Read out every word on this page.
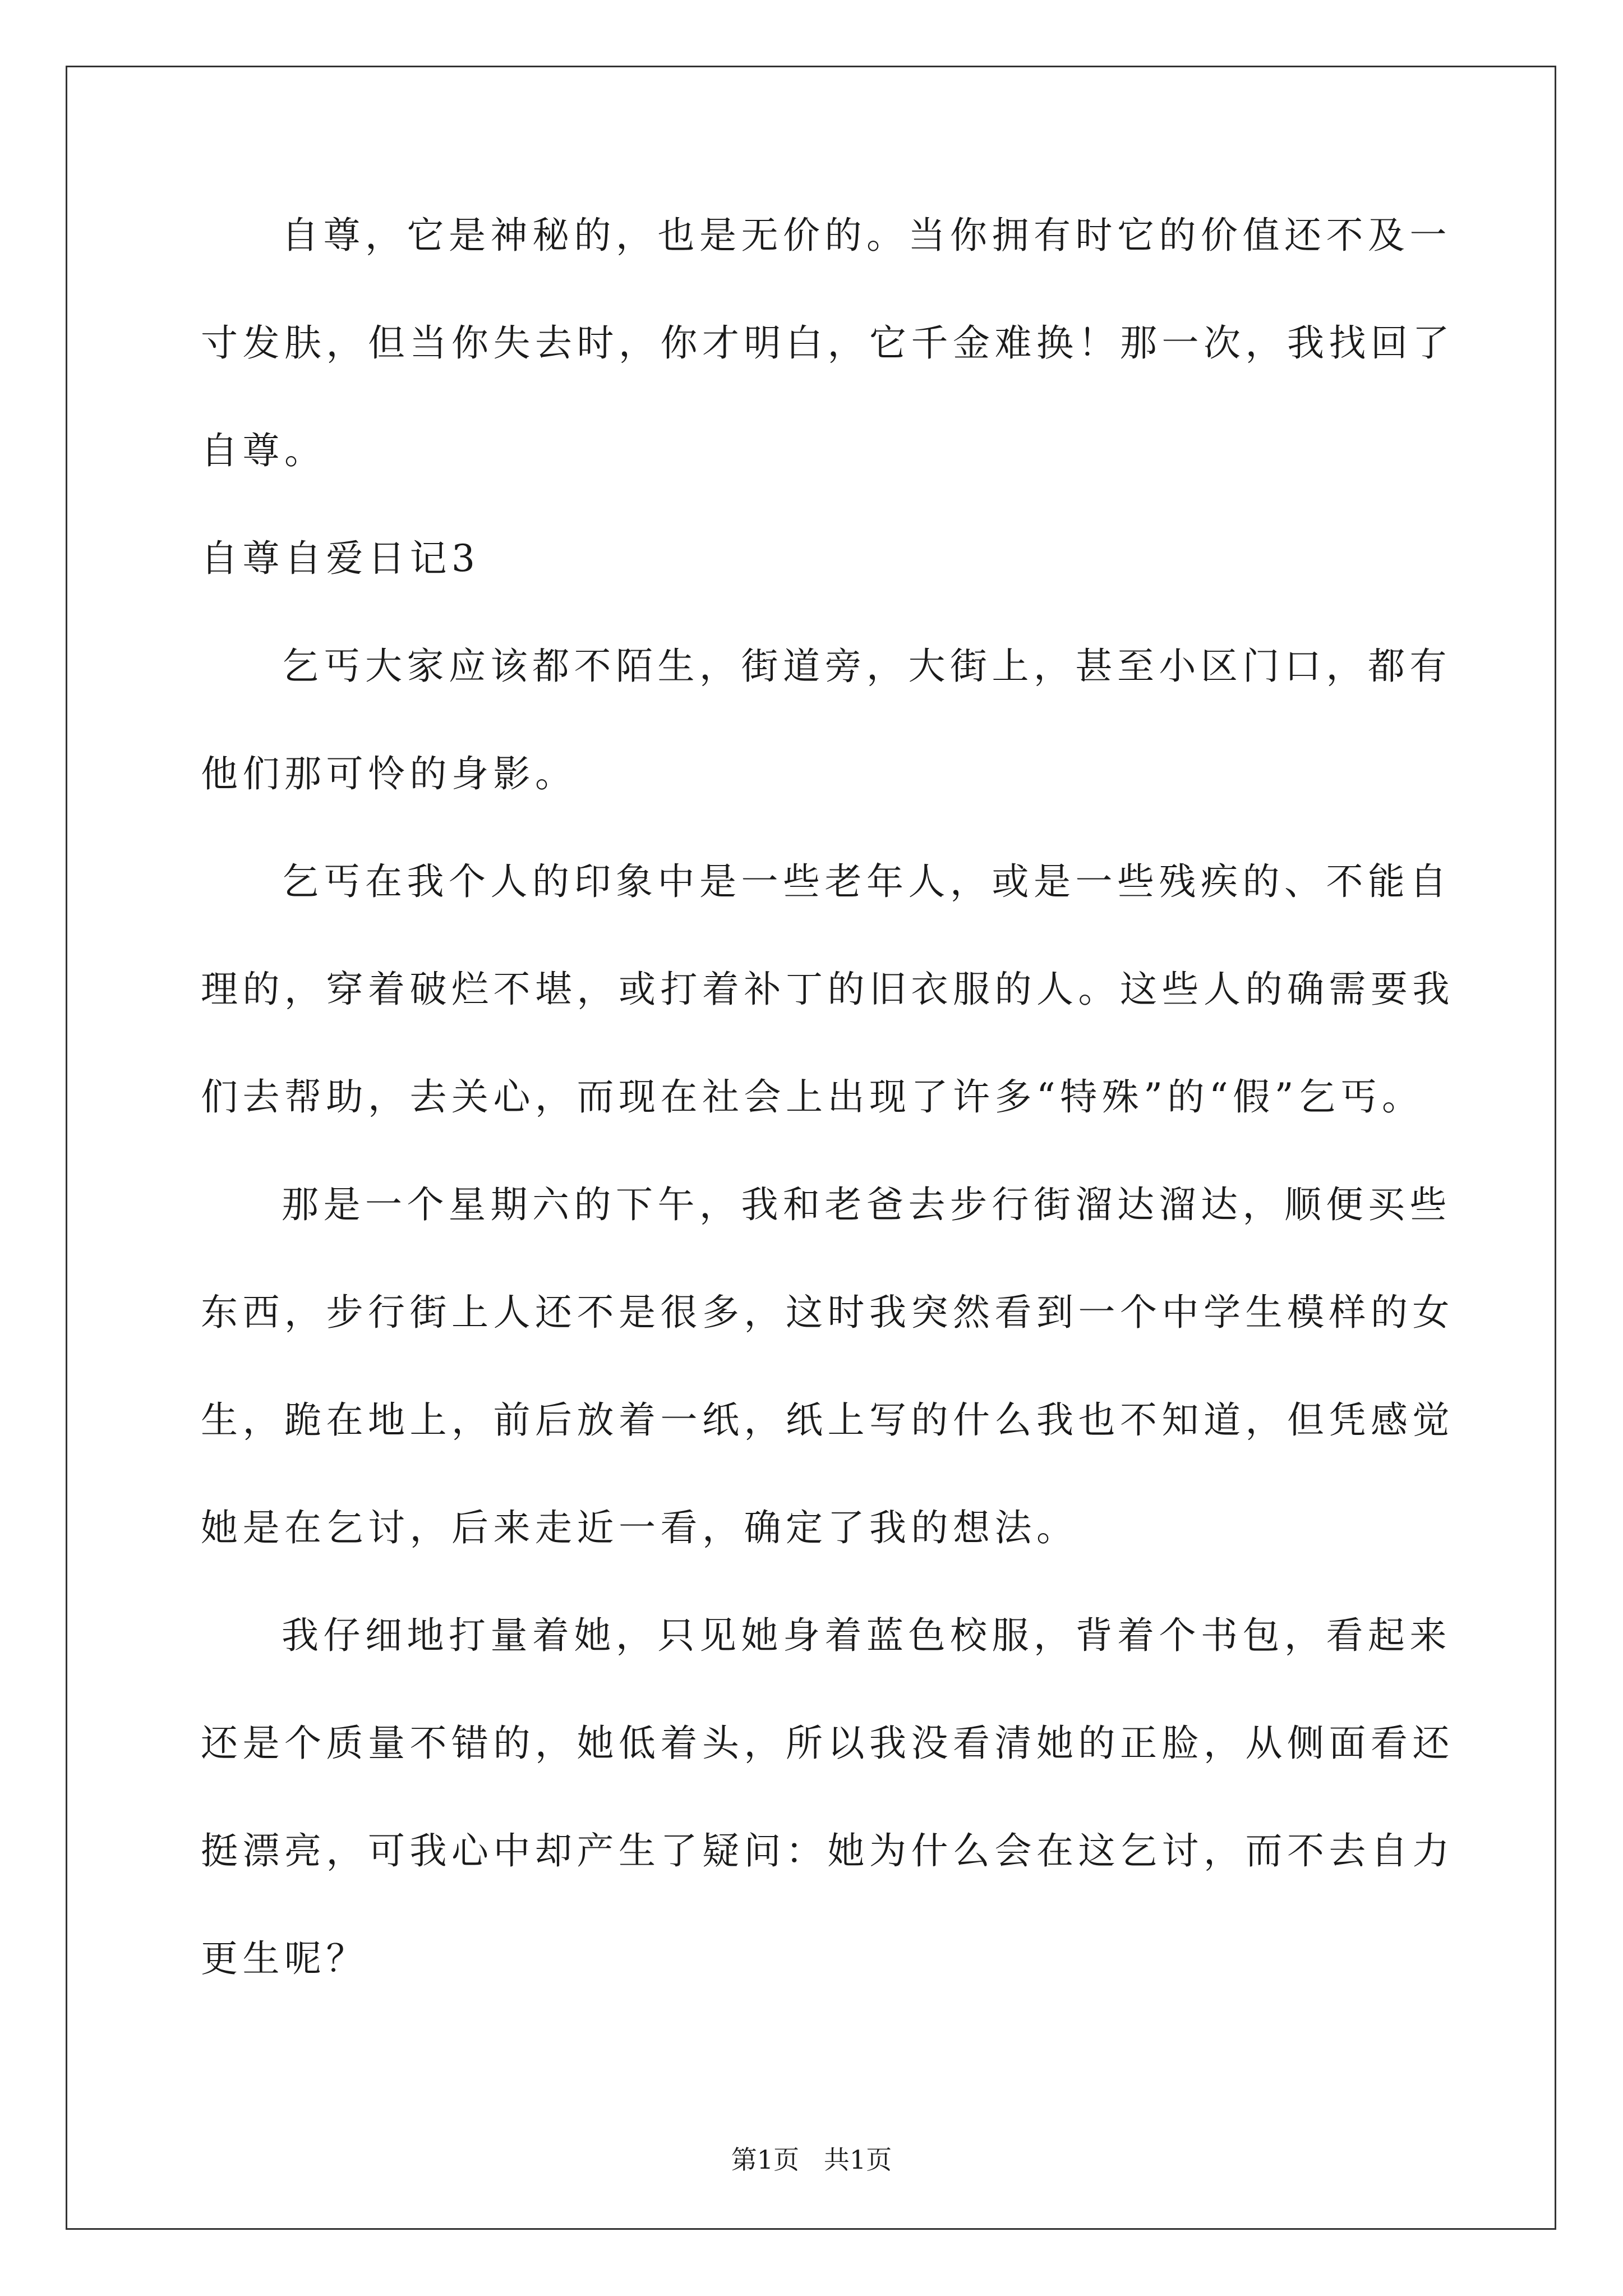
自尊，它是神秘的，也是无价的。当你拥有时它的价值还不及一
寸发肤，但当你失去时，你才明白，它千金难换！那一次，我找回了
自尊。
自尊自爱日记3
乞丐大家应该都不陌生，街道旁，大街上，甚至小区门口，都有
他们那可怜的身影。
乞丐在我个人的印象中是一些老年人，或是一些残疾的、不能自
理的，穿着破烂不堪，或打着补丁的旧衣服的人。这些人的确需要我
们去帮助，去关心，而现在社会上出现了许多“特殊”的“假”乞丐。
那是一个星期六的下午，我和老爸去步行街溜达溜达，顺便买些
东西，步行街上人还不是很多，这时我突然看到一个中学生模样的女
生，跪在地上，前后放着一纸，纸上写的什么我也不知道，但凭感觉
她是在乞讨，后来走近一看，确定了我的想法。
我仔细地打量着她，只见她身着蓝色校服，背着个书包，看起来
还是个质量不错的，她低着头，所以我没看清她的正脸，从侧面看还
挺漂亮，可我心中却产生了疑问：她为什么会在这乞讨，而不去自力
更生呢？
第1页   共1页
